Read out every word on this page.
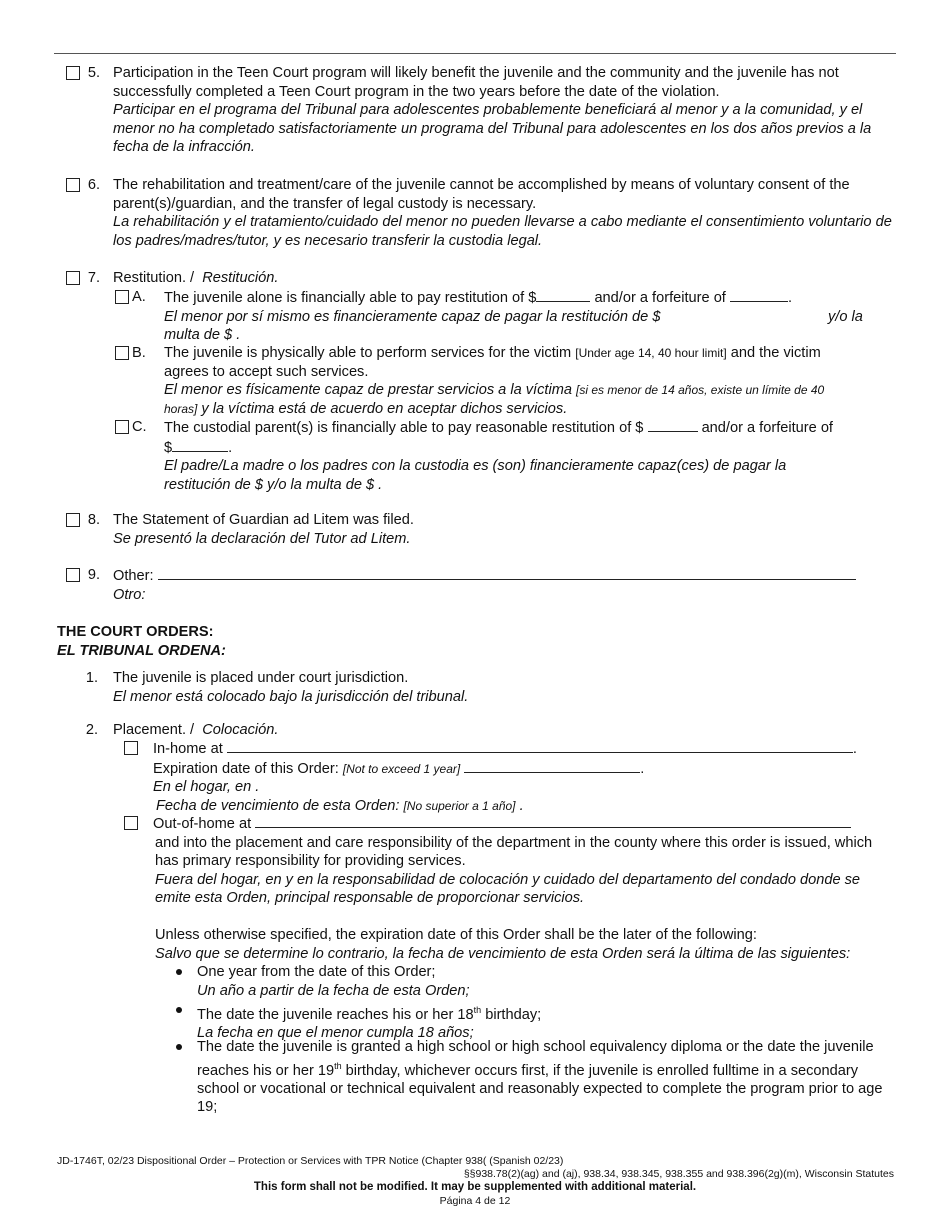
5. Participation in the Teen Court program will likely benefit the juvenile and the community and the juvenile has not successfully completed a Teen Court program in the two years before the date of the violation.
Participar en el programa del Tribunal para adolescentes probablemente beneficiará al menor y a la comunidad, y el menor no ha completado satisfactoriamente un programa del Tribunal para adolescentes en los dos años previos a la fecha de la infracción.
6. The rehabilitation and treatment/care of the juvenile cannot be accomplished by means of voluntary consent of the parent(s)/guardian, and the transfer of legal custody is necessary.
La rehabilitación y el tratamiento/cuidado del menor no pueden llevarse a cabo mediante el consentimiento voluntario de los padres/madres/tutor, y es necesario transferir la custodia legal.
7. Restitution. / Restitución.
A. The juvenile alone is financially able to pay restitution of $	and/or a forfeiture of	.
El menor por sí mismo es financieramente capaz de pagar la restitución de $	y/o la
multa de $ .
B. The juvenile is physically able to perform services for the victim [Under age 14, 40 hour limit] and the victim
agrees to accept such services.
El menor es físicamente capaz de prestar servicios a la víctima [si es menor de 14 años, existe un límite de 40
horas] y la víctima está de acuerdo en aceptar dichos servicios.
C. The custodial parent(s) is financially able to pay reasonable restitution of $	and/or a forfeiture of
$	.
El padre/La madre o los padres con la custodia es (son) financieramente capaz(ces) de pagar la
restitución de $ y/o la multa de $ .
8. The Statement of Guardian ad Litem was filed.
Se presentó la declaración del Tutor ad Litem.
9. Other:
Otro:
THE COURT ORDERS:
EL TRIBUNAL ORDENA:
1. The juvenile is placed under court jurisdiction.
El menor está colocado bajo la jurisdicción del tribunal.
2. Placement. / Colocación.
In-home at	.
Expiration date of this Order: [Not to exceed 1 year]	.
En el hogar, en .
Fecha de vencimiento de esta Orden: [No superior a 1 año] .
Out-of-home at
and into the placement and care responsibility of the department in the county where this order is issued, which has primary responsibility for providing services.
Fuera del hogar, en y en la responsabilidad de colocación y cuidado del departamento del condado donde se emite esta Orden, principal responsable de proporcionar servicios.
Unless otherwise specified, the expiration date of this Order shall be the later of the following:
Salvo que se determine lo contrario, la fecha de vencimiento de esta Orden será la última de las siguientes:
One year from the date of this Order;
Un año a partir de la fecha de esta Orden;
The date the juvenile reaches his or her 18th birthday;
La fecha en que el menor cumpla 18 años;
The date the juvenile is granted a high school or high school equivalency diploma or the date the juvenile reaches his or her 19th birthday, whichever occurs first, if the juvenile is enrolled fulltime in a secondary school or vocational or technical equivalent and reasonably expected to complete the program prior to age 19;
JD-1746T, 02/23 Dispositional Order – Protection or Services with TPR Notice (Chapter 938( (Spanish 02/23)
§§938.78(2)(ag) and (aj), 938.34, 938.345, 938.355 and 938.396(2g)(m), Wisconsin Statutes
This form shall not be modified. It may be supplemented with additional material.
Página 4 de 12
